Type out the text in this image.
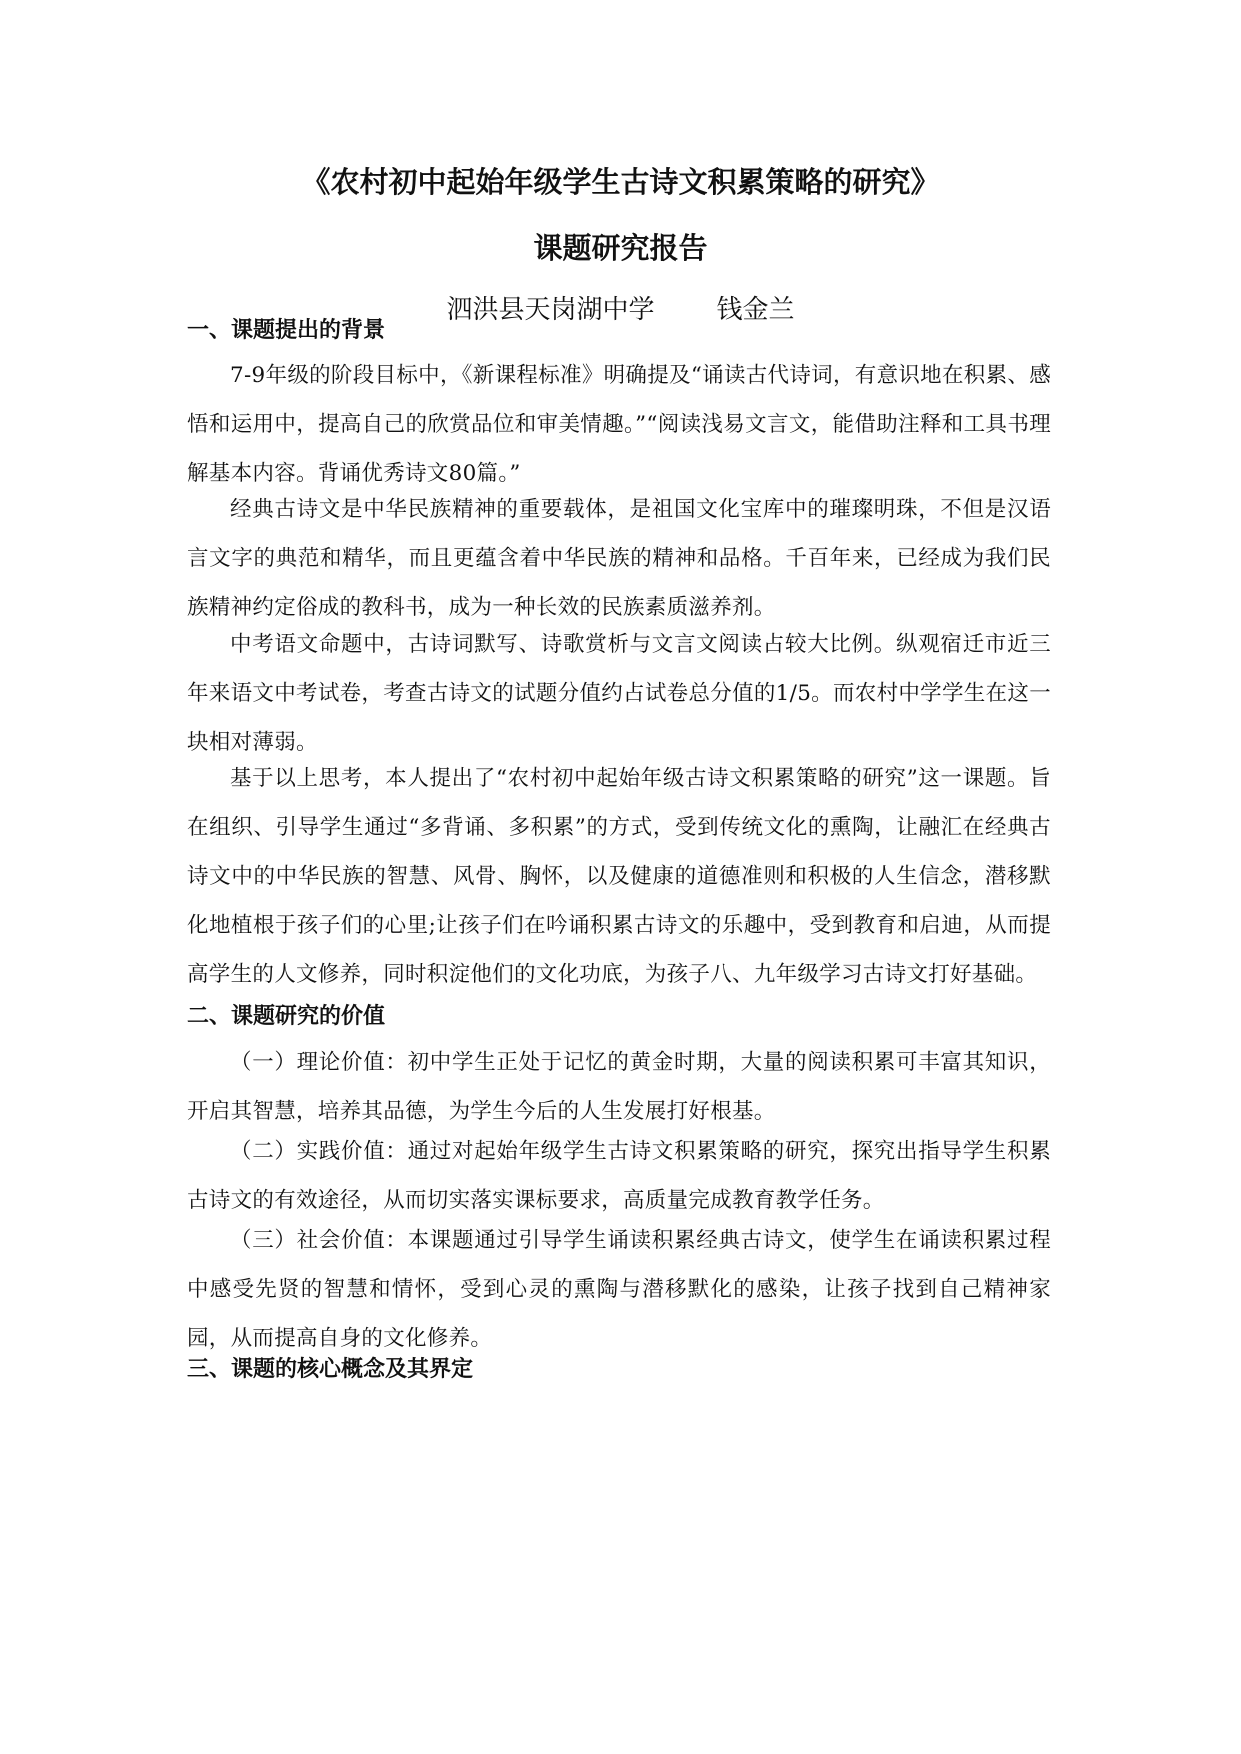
《农村初中起始年级学生古诗文积累策略的研究》
课题研究报告
泗洪县天岗湖中学 钱金兰
一、课题提出的背景

7-9年级的阶段目标中，《新课程标准》明确提及“诵读古代诗词，有意识地在积累、感悟和运用中，提高自己的欣赏品位和审美情趣。”“阅读浅易文言文，能借助注释和工具书理解基本内容。背诵优秀诗文80篇。”

经典古诗文是中华民族精神的重要载体，是祖国文化宝库中的璀璨明珠，不但是汉语言文字的典范和精华，而且更蕴含着中华民族的精神和品格。千百年来，已经成为我们民族精神约定俗成的教科书，成为一种长效的民族素质滋养剂。

中考语文命题中，古诗词默写、诗歌赏析与文言文阅读占较大比例。纵观宿迁市近三年来语文中考试卷，考查古诗文的试题分值约占试卷总分值的1/5。而农村中学学生在这一块相对薄弱。

基于以上思考，本人提出了“农村初中起始年级古诗文积累策略的研究”这一课题。旨在组织、引导学生通过“多背诵、多积累”的方式，受到传统文化的熏陶，让融汇在经典古诗文中的中华民族的智慧、风骨、胸怀，以及健康的道德准则和积极的人生信念，潜移默化地植根于孩子们的心里;让孩子们在吟诵积累古诗文的乐趣中，受到教育和启迪，从而提高学生的人文修养，同时积淀他们的文化功底，为孩子八、九年级学习古诗文打好基础。

二、课题研究的价值

（一）理论价值：初中学生正处于记忆的黄金时期，大量的阅读积累可丰富其知识，开启其智慧，培养其品德，为学生今后的人生发展打好根基。

（二）实践价值：通过对起始年级学生古诗文积累策略的研究，探究出指导学生积累古诗文的有效途径，从而切实落实课标要求，高质量完成教育教学任务。

（三）社会价值：本课题通过引导学生诵读积累经典古诗文，使学生在诵读积累过程中感受先贤的智慧和情怀，受到心灵的熏陶与潜移默化的感染，让孩子找到自己精神家园，从而提高自身的文化修养。

三、课题的核心概念及其界定
